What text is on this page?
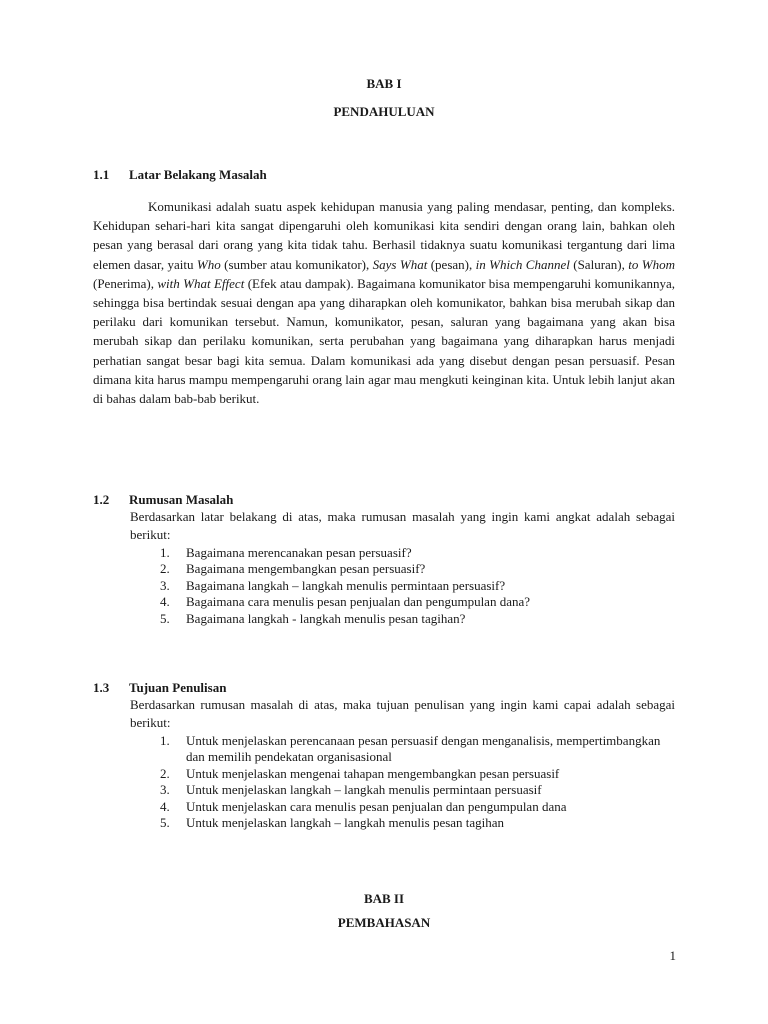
BAB I
PENDAHULUAN
1.1 Latar Belakang Masalah

Komunikasi adalah suatu aspek kehidupan manusia yang paling mendasar, penting, dan kompleks. Kehidupan sehari-hari kita sangat dipengaruhi oleh komunikasi kita sendiri dengan orang lain, bahkan oleh pesan yang berasal dari orang yang kita tidak tahu. Berhasil tidaknya suatu komunikasi tergantung dari lima elemen dasar, yaitu Who (sumber atau komunikator), Says What (pesan), in Which Channel (Saluran), to Whom (Penerima), with What Effect (Efek atau dampak). Bagaimana komunikator bisa mempengaruhi komunikannya, sehingga bisa bertindak sesuai dengan apa yang diharapkan oleh komunikator, bahkan bisa merubah sikap dan perilaku dari komunikan tersebut. Namun, komunikator, pesan, saluran yang bagaimana yang akan bisa merubah sikap dan perilaku komunikan, serta perubahan yang bagaimana yang diharapkan harus menjadi perhatian sangat besar bagi kita semua. Dalam komunikasi ada yang disebut dengan pesan persuasif. Pesan dimana kita harus mampu mempengaruhi orang lain agar mau mengkuti keinginan kita. Untuk lebih lanjut akan di bahas dalam bab-bab berikut.

1.2 Rumusan Masalah

Berdasarkan latar belakang di atas, maka rumusan masalah yang ingin kami angkat adalah sebagai berikut:

1. Bagaimana merencanakan pesan persuasif?
2. Bagaimana mengembangkan pesan persuasif?
3. Bagaimana langkah – langkah menulis permintaan persuasif?
4. Bagaimana cara menulis pesan penjualan dan pengumpulan dana?
5. Bagaimana langkah - langkah menulis pesan tagihan?
1.3 Tujuan Penulisan

Berdasarkan rumusan masalah di atas, maka tujuan penulisan yang ingin kami capai adalah sebagai berikut:

1. Untuk menjelaskan perencanaan pesan persuasif dengan menganalisis, mempertimbangkan dan memilih pendekatan organisasional
2. Untuk menjelaskan mengenai tahapan mengembangkan pesan persuasif
3. Untuk menjelaskan langkah – langkah menulis permintaan persuasif
4. Untuk menjelaskan cara menulis pesan penjualan dan pengumpulan dana
5. Untuk menjelaskan langkah – langkah menulis pesan tagihan
BAB II
PEMBAHASAN
1
